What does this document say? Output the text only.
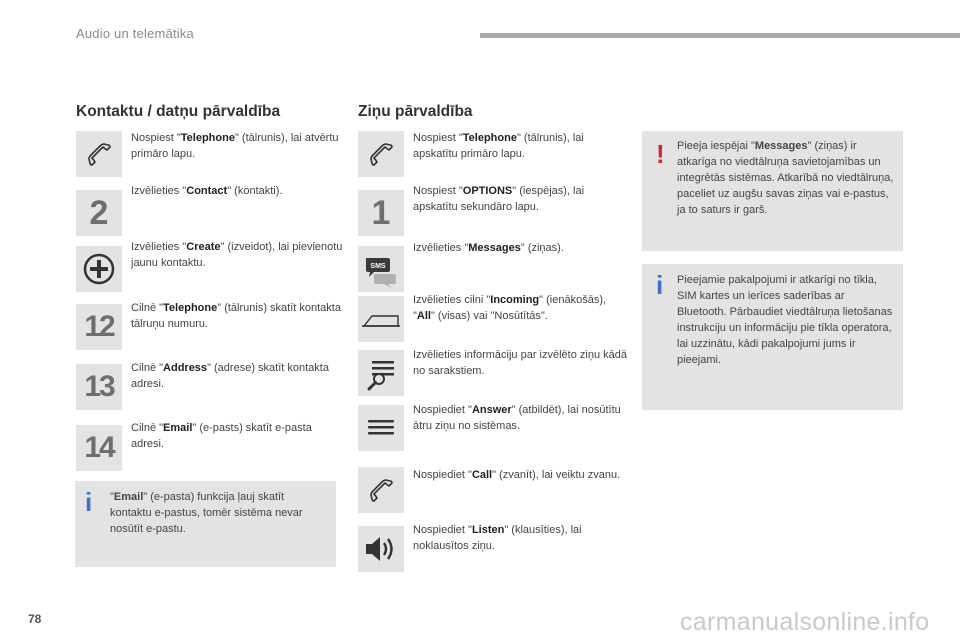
Audio un telemātika
Kontaktu / datņu pārvaldība
Nospiest "Telephone" (tālrunis), lai atvērtu primāro lapu.
2
Izvēlieties "Contact" (kontakti).
Izvēlieties "Create" (izveidot), lai pievienotu jaunu kontaktu.
12
Cilnē "Telephone" (tālrunis) skatīt kontakta tālruņu numuru.
13
Cilnē "Address" (adrese) skatīt kontakta adresi.
14
Cilnē "Email" (e-pasts) skatīt e-pasta adresi.
i "Email" (e-pasta) funkcija ļauj skatīt kontaktu e-pastus, tomēr sistēma nevar nosūtīt e-pastu.
Ziņu pārvaldība
Nospiest "Telephone" (tālrunis), lai apskatītu primāro lapu.
1
Nospiest "OPTIONS" (iespējas), lai apskatītu sekundāro lapu.
SMS
Izvēlieties "Messages" (ziņas).
Izvēlieties cilni "Incoming" (ienākošās), "All" (visas) vai "Nosūtītās".
Izvēlieties informāciju par izvēlēto ziņu kādā no sarakstiem.
Nospiediet "Answer" (atbildēt), lai nosūtītu ātru ziņu no sistēmas.
Nospiediet "Call" (zvanīt), lai veiktu zvanu.
Nospiediet "Listen" (klausīties), lai noklausītos ziņu.
! Pieeja iespējai "Messages" (ziņas) ir atkarīga no viedtālruņa savietojamības un integrētās sistēmas. Atkarībā no viedtālruņa, paceliet uz augšu savas ziņas vai e-pastus, ja to saturs ir garš.
i Pieejamie pakalpojumi ir atkarīgi no tīkla, SIM kartes un ierīces saderības ar Bluetooth. Pārbaudiet viedtālruņa lietošanas instrukciju un informāciju pie tīkla operatora, lai uzzinātu, kādi pakalpojumi jums ir pieejami.
78	carmanualsonline.info
